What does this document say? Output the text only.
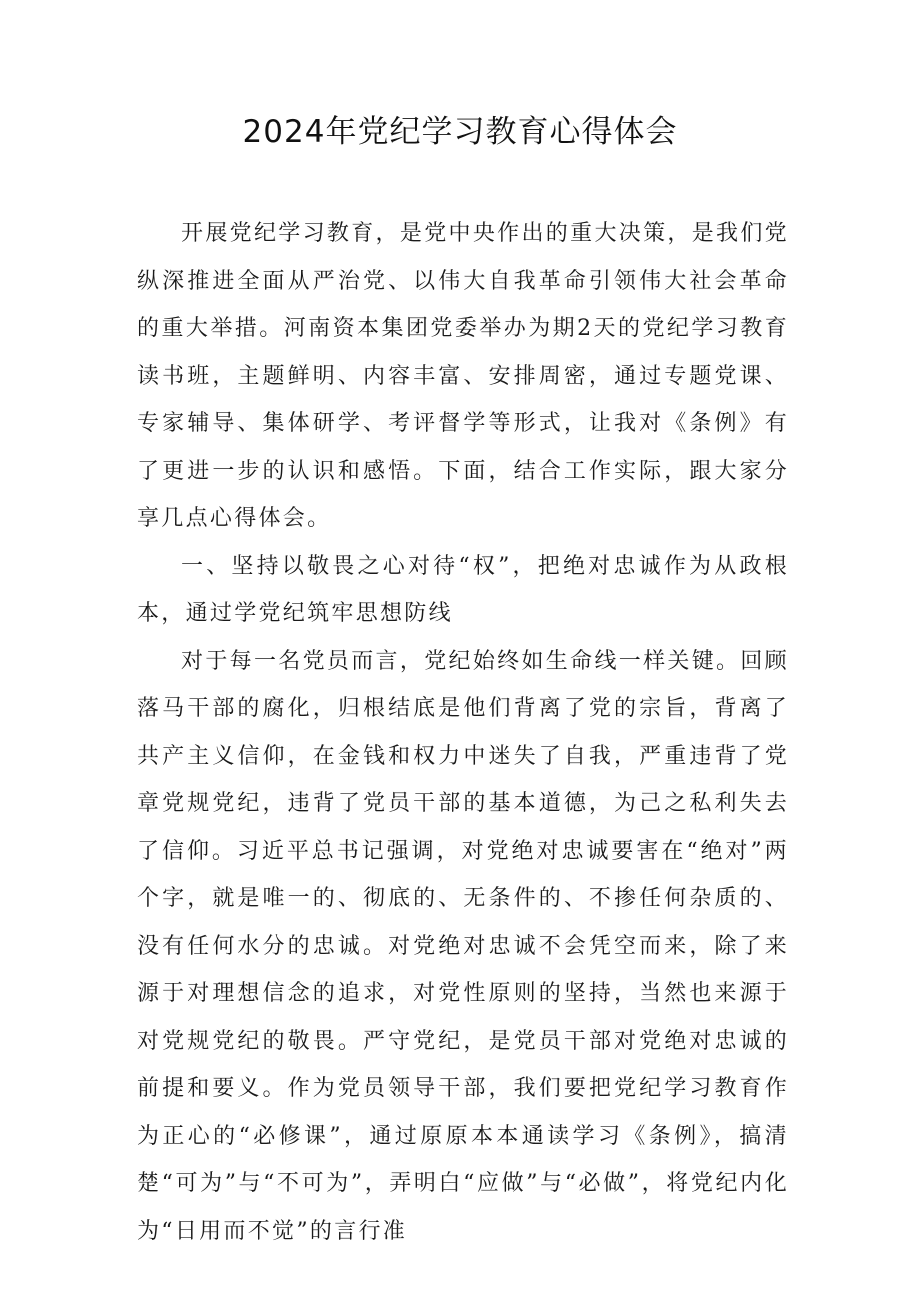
2024年党纪学习教育心得体会

开展党纪学习教育，是党中央作出的重大决策，是我们党纵深推进全面从严治党、以伟大自我革命引领伟大社会革命的重大举措。河南资本集团党委举办为期2天的党纪学习教育读书班，主题鲜明、内容丰富、安排周密，通过专题党课、专家辅导、集体研学、考评督学等形式，让我对《条例》有了更进一步的认识和感悟。下面，结合工作实际，跟大家分享几点心得体会。

一、坚持以敬畏之心对待“权”，把绝对忠诚作为从政根本，通过学党纪筑牢思想防线

对于每一名党员而言，党纪始终如生命线一样关键。回顾落马干部的腐化，归根结底是他们背离了党的宗旨，背离了共产主义信仰，在金钱和权力中迷失了自我，严重违背了党章党规党纪，违背了党员干部的基本道德，为己之私利失去了信仰。习近平总书记强调，对党绝对忠诚要害在“绝对”两个字，就是唯一的、彻底的、无条件的、不掺任何杂质的、没有任何水分的忠诚。对党绝对忠诚不会凭空而来，除了来源于对理想信念的追求，对党性原则的坚持，当然也来源于对党规党纪的敬畏。严守党纪，是党员干部对党绝对忠诚的前提和要义。作为党员领导干部，我们要把党纪学习教育作为正心的“必修课”，通过原原本本通读学习《条例》，搞清楚“可为”与“不可为”，弄明白“应做”与“必做”，将党纪内化为“日用而不觉”的言行准
